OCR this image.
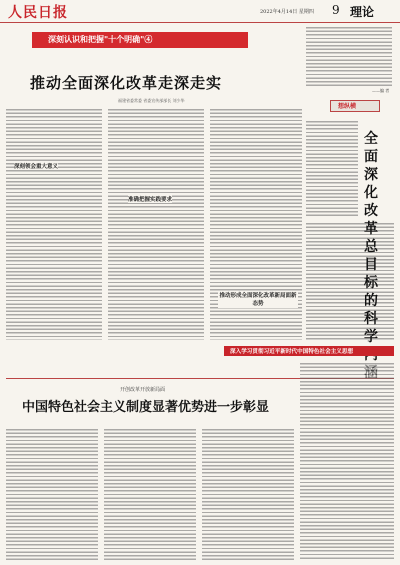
人民日报	2022年4月14日 星期四 9 理论
深刻认识和把握"十个明确"④
推动全面深化改革走深走实
福建省委常委 省委宣传部部长 刘少华
深刻领会重大意义
准确把握实践要求
推动形成全面深化改革新局面新态势
——编 者
想纵横
全面深化改革总目标的科学
深入学习贯彻习近平新时代中国特色社会主义思想
开创改革开放新局面
中国特色社会主义制度显著优势进一步彰显
